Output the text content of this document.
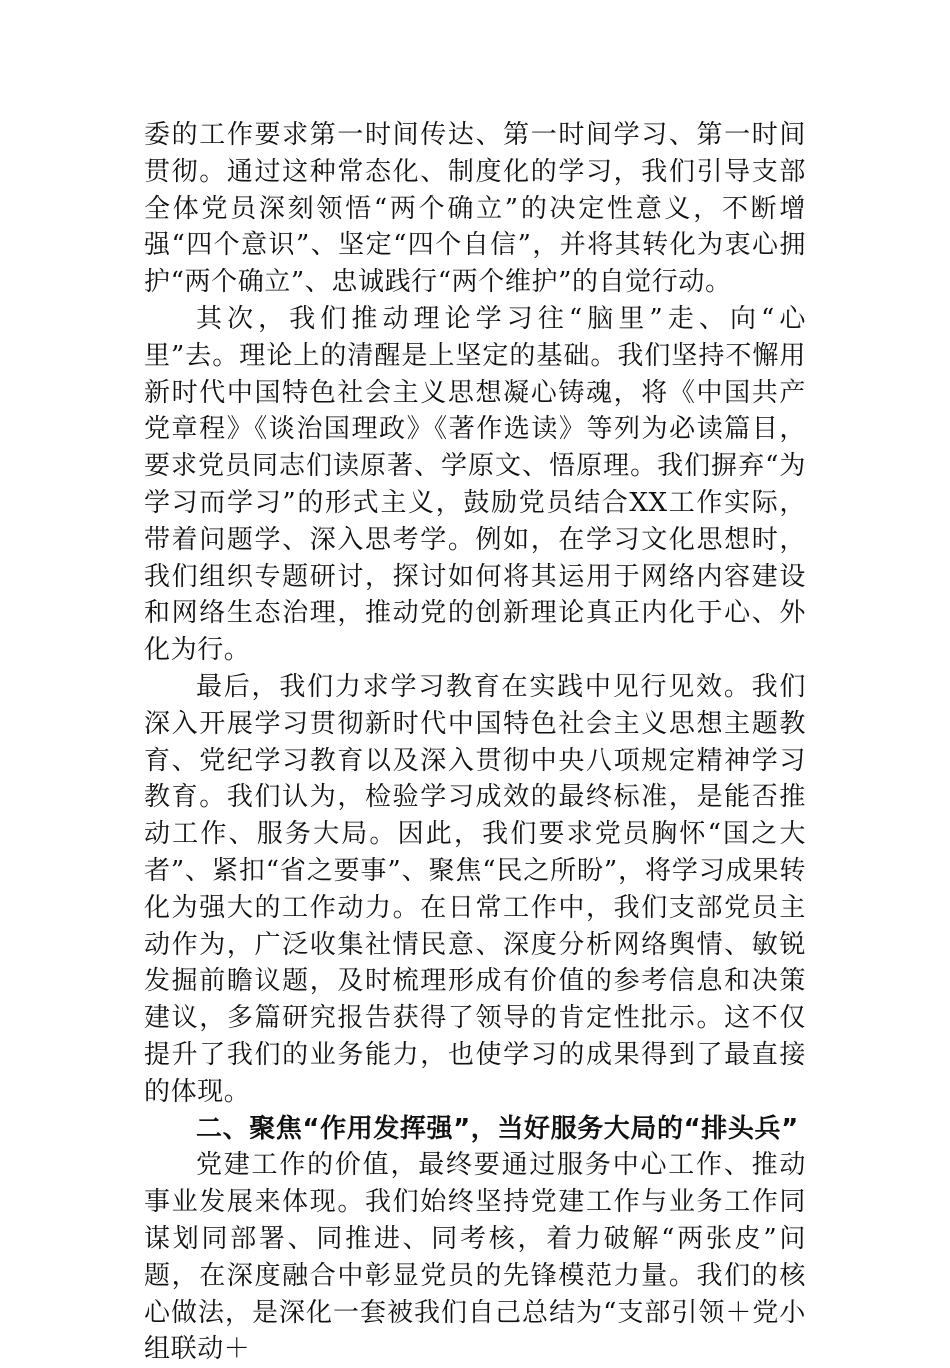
委的工作要求第一时间传达、第一时间学习、第一时间贯彻。通过这种常态化、制度化的学习，我们引导支部全体党员深刻领悟“两个确立”的决定性意义，不断增强“四个意识”、坚定“四个自信”，并将其转化为衷心拥护“两个确立”、忠诚践行“两个维护”的自觉行动。

其次，我们推动理论学习往“脑里”走、向“心里”去。理论上的清醒是上坚定的基础。我们坚持不懈用新时代中国特色社会主义思想凝心铸魂，将《中国共产党章程》《谈治国理政》《著作选读》等列为必读篇目，要求党员同志们读原著、学原文、悟原理。我们摒弃“为学习而学习”的形式主义，鼓励党员结合XX工作实际，带着问题学、深入思考学。例如，在学习文化思想时，我们组织专题研讨，探讨如何将其运用于网络内容建设和网络生态治理，推动党的创新理论真正内化于心、外化为行。

最后，我们力求学习教育在实践中见行见效。我们深入开展学习贯彻新时代中国特色社会主义思想主题教育、党纪学习教育以及深入贯彻中央八项规定精神学习教育。我们认为，检验学习成效的最终标准，是能否推动工作、服务大局。因此，我们要求党员胸怀“国之大者”、紧扣“省之要事”、聚焦“民之所盼”，将学习成果转化为强大的工作动力。在日常工作中，我们支部党员主动作为，广泛收集社情民意、深度分析网络舆情、敏锐发掘前瞻议题，及时梳理形成有价值的参考信息和决策建议，多篇研究报告获得了领导的肯定性批示。这不仅提升了我们的业务能力，也使学习的成果得到了最直接的体现。

二、聚焦“作用发挥强”，当好服务大局的“排头兵”

党建工作的价值，最终要通过服务中心工作、推动事业发展来体现。我们始终坚持党建工作与业务工作同谋划同部署、同推进、同考核，着力破解“两张皮”问题，在深度融合中彰显党员的先锋模范力量。我们的核心做法，是深化一套被我们自己总结为“支部引领＋党小组联动＋
